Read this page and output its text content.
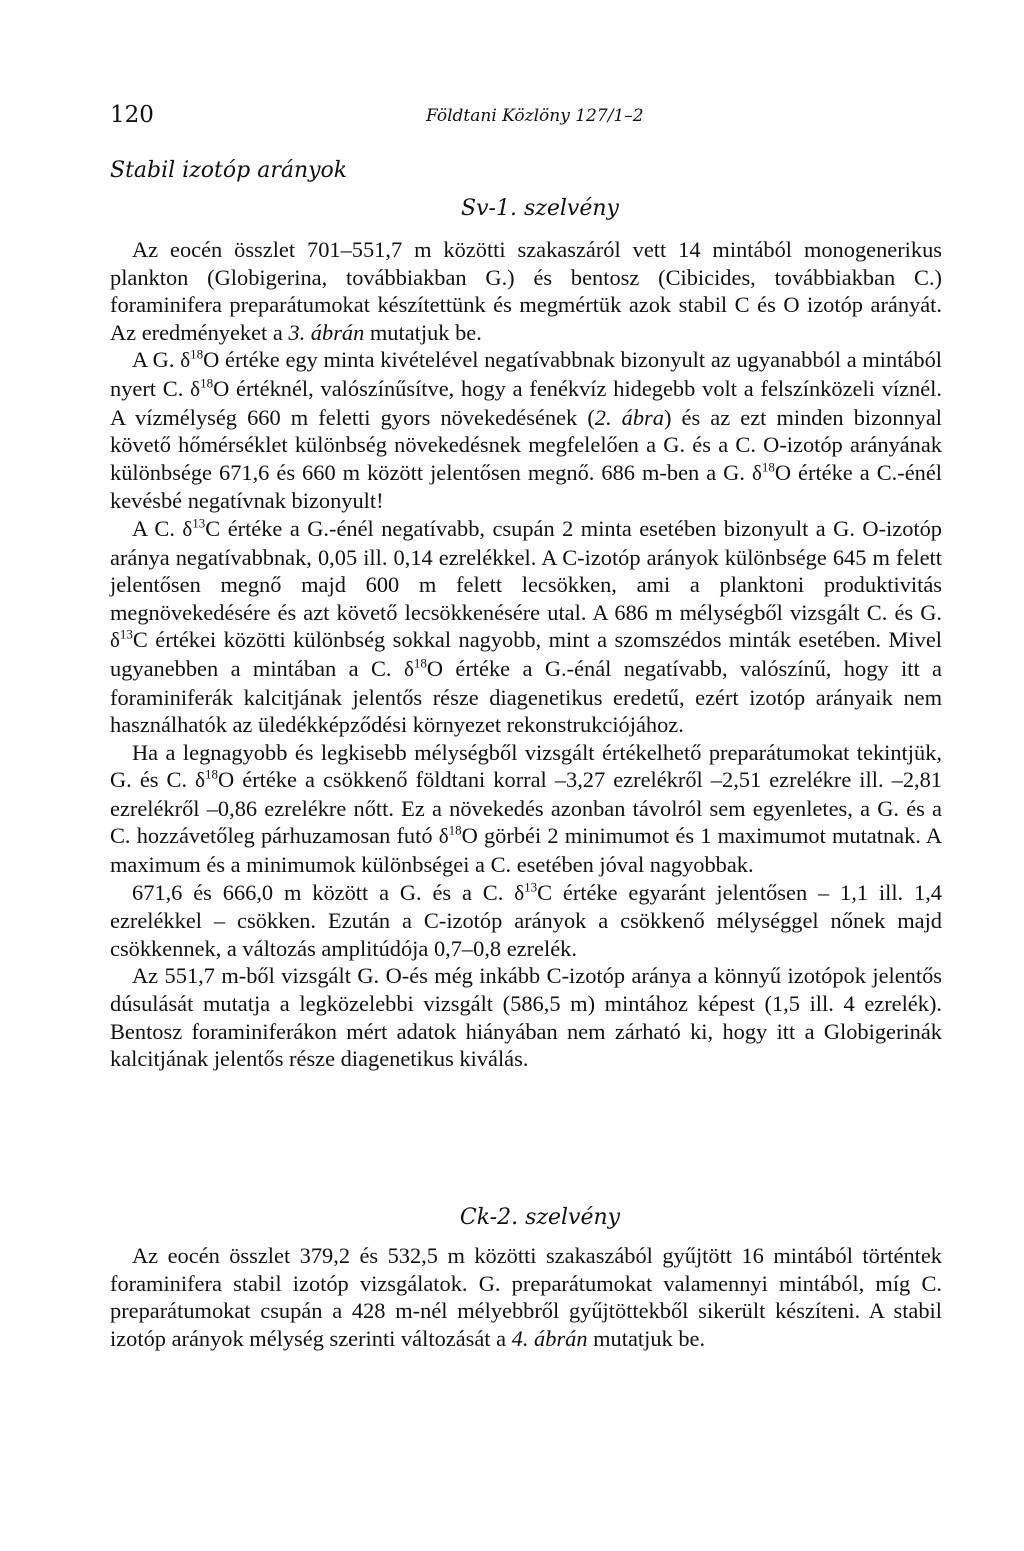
120	Földtani Közlöny 127/1–2
Stabil izotóp arányok
Sv-1. szelvény

Az eocén összlet 701–551,7 m közötti szakaszáról vett 14 mintából monogenerikus plankton (Globigerina, továbbiakban G.) és bentosz (Cibicides, továbbiakban C.) foraminifera preparátumokat készítettünk és megmértük azok stabil C és O izotóp arányát. Az eredményeket a 3. ábrán mutatjuk be.

A G. $\delta^{18}O$ értéke egy minta kivételével negatívabbnak bizonyult az ugyanabból a mintából nyert C. $\delta^{18}O$ értéknél, valószínűsítve, hogy a fenékvíz hidegebb volt a felszínközeli víznél. A vízmélység 660 m feletti gyors növekedésének (2. ábra) és az ezt minden bizonnyal követő hőmérséklet különbség növekedésnek megfelelően a G. és a C. O-izotóp arányának különbsége 671,6 és 660 m között jelentősen megnő. 686 m-ben a G. $\delta^{18}O$ értéke a C.-énél kevésbé negatívnak bizonyult!

A C. $\delta^{13}C$ értéke a G.-énél negatívabb, csupán 2 minta esetében bizonyult a G. O-izotóp aránya negatívabbnak, 0,05 ill. 0,14 ezrelékkel. A C-izotóp arányok különbsége 645 m felett jelentősen megnő majd 600 m felett lecsökken, ami a planktoni produktivitás megnövekedésére és azt követő lecsökkenésére utal. A 686 m mélységből vizsgált C. és G. $\delta^{13}C$ értékei közötti különbség sokkal nagyobb, mint a szomszédos minták esetében. Mivel ugyanebben a mintában a C. $\delta^{18}O$ értéke a G.-énál negatívabb, valószínű, hogy itt a foraminiferák kalcitjának jelentős része diagenetikus eredetű, ezért izotóp arányaik nem használhatók az üledékképződési környezet rekonstrukciójához.

Ha a legnagyobb és legkisebb mélységből vizsgált értékelhető preparátumokat tekintjük, G. és C. $\delta^{18}O$ értéke a csökkenő földtani korral –3,27 ezrelékről –2,51 ezrelékre ill. –2,81 ezrelékről –0,86 ezrelékre nőtt. Ez a növekedés azonban távolról sem egyenletes, a G. és a C. hozzávetőleg párhuzamosan futó $\delta^{18}O$ görbéi 2 minimumot és 1 maximumot mutatnak. A maximum és a minimumok különbségei a C. esetében jóval nagyobbak.

671,6 és 666,0 m között a G. és a C. $\delta^{13}C$ értéke egyaránt jelentősen – 1,1 ill. 1,4 ezrelékkel – csökken. Ezután a C-izotóp arányok a csökkenő mélységgel nőnek majd csökkennek, a változás amplitúdója 0,7–0,8 ezrelék.

Az 551,7 m-ből vizsgált G. O-és még inkább C-izotóp aránya a könnyű izotópok jelentős dúsulását mutatja a legközelebbi vizsgált (586,5 m) mintához képest (1,5 ill. 4 ezrelék). Bentosz foraminiferákon mért adatok hiányában nem zárható ki, hogy itt a Globigerinák kalcitjának jelentős része diagenetikus kiválás.

Ck-2. szelvény

Az eocén összlet 379,2 és 532,5 m közötti szakaszából gyűjtött 16 mintából történtek foraminifera stabil izotóp vizsgálatok. G. preparátumokat valamennyi mintából, míg C. preparátumokat csupán a 428 m-nél mélyebbről gyűjtöttekből sikerült készíteni. A stabil izotóp arányok mélység szerinti változását a 4. ábrán mutatjuk be.
